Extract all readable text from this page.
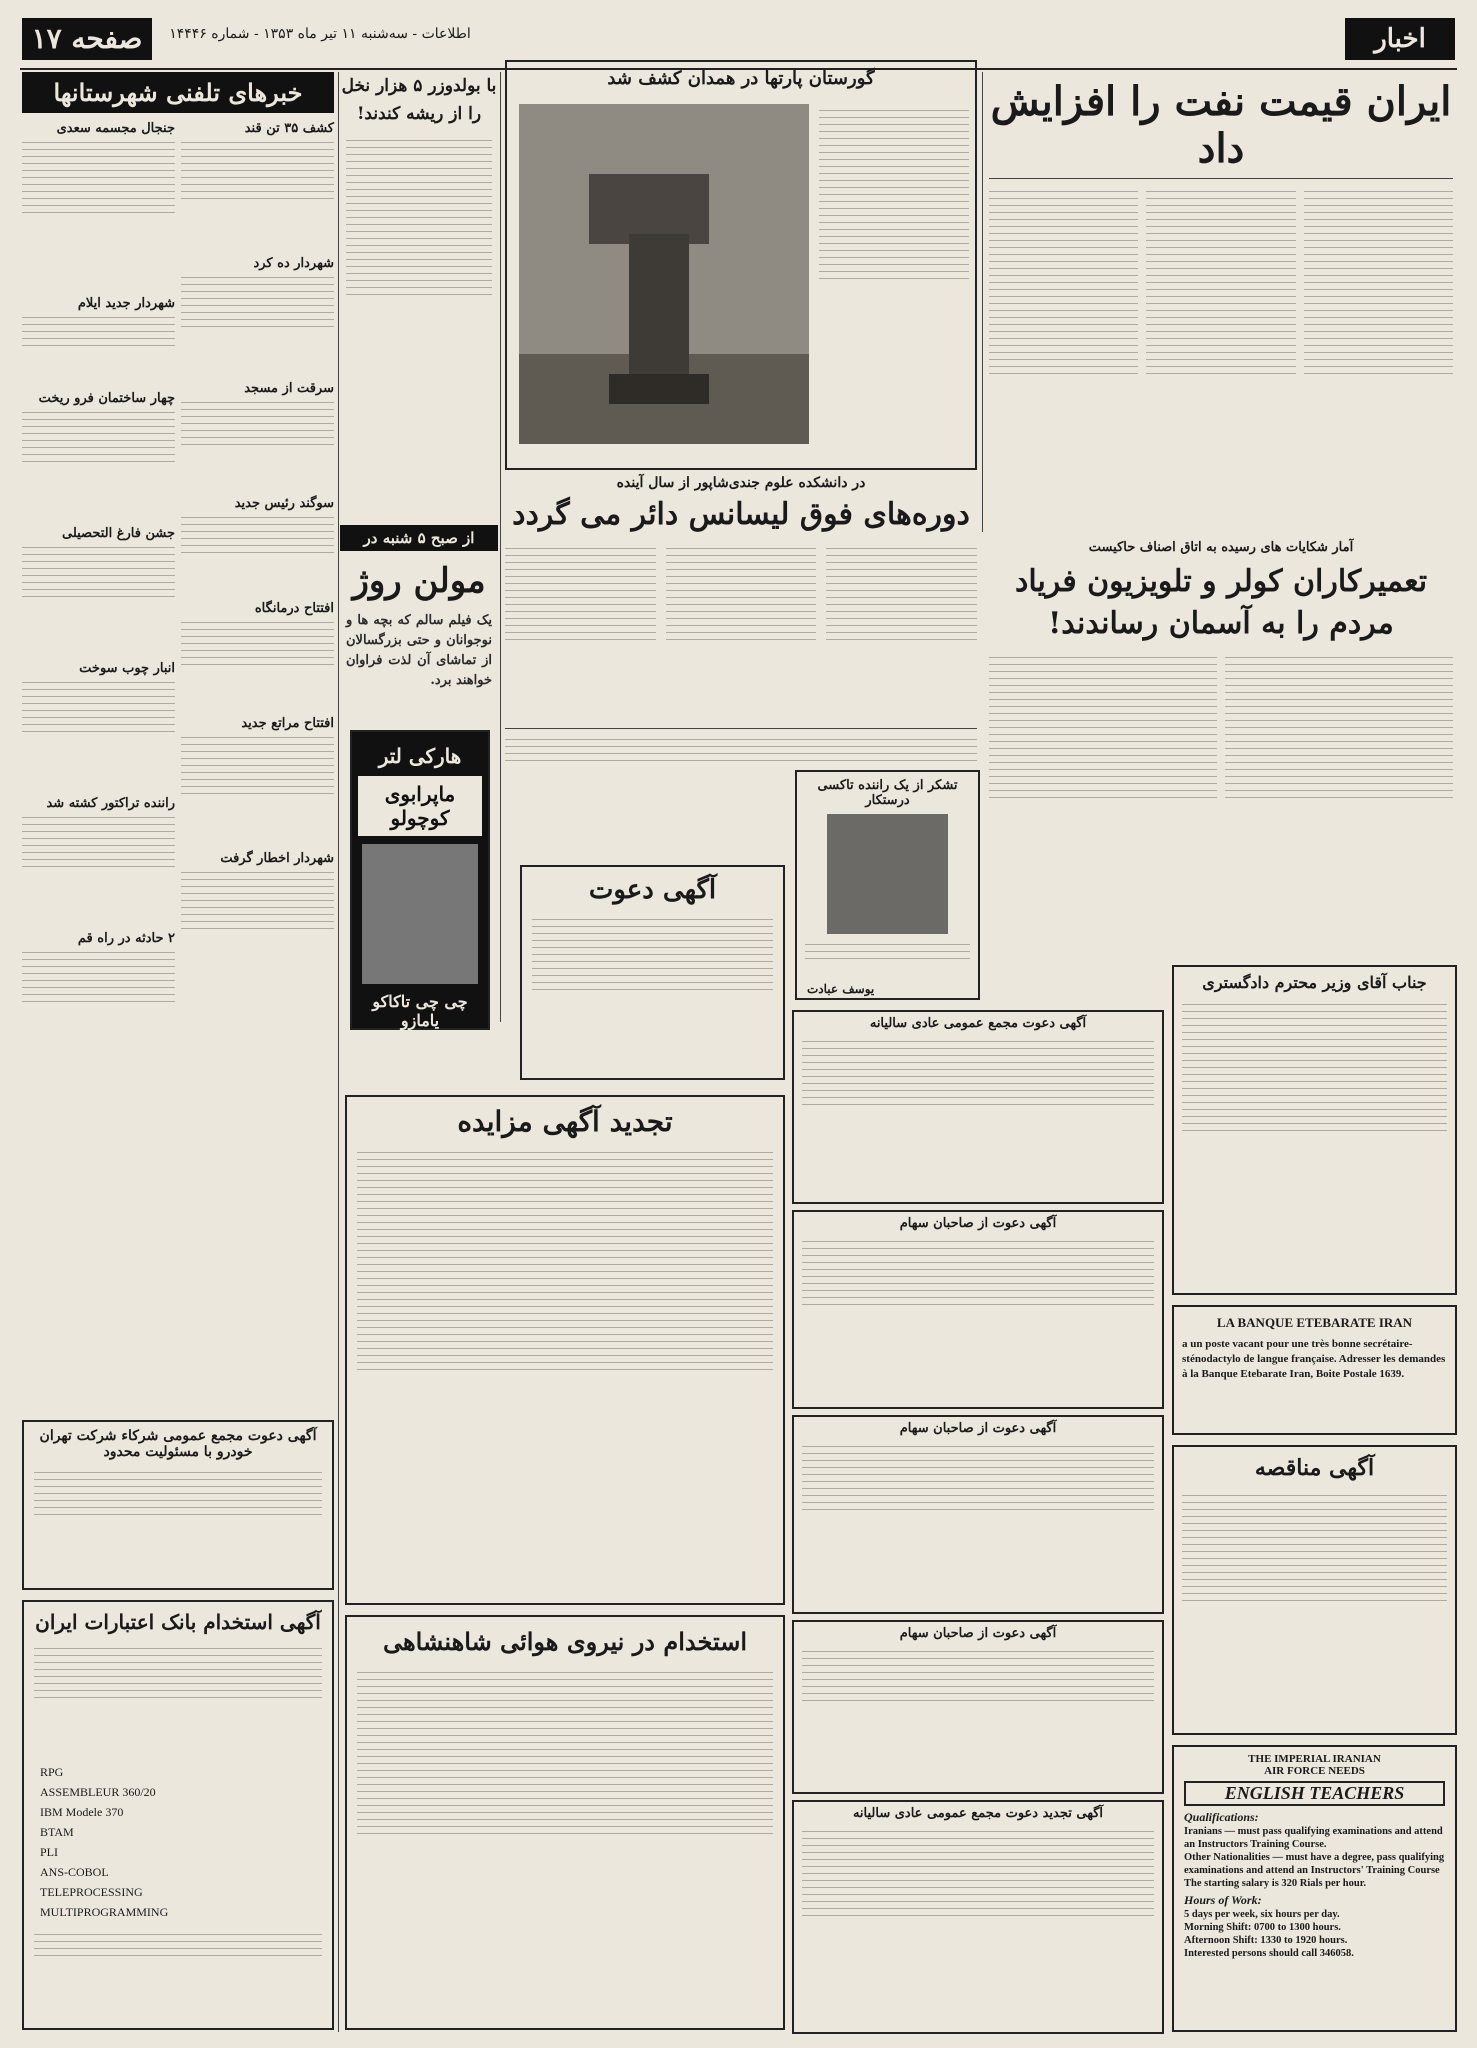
صفحه ۱۷	اطلاعات - سه‌شنبه ۱۱ تیر ماه ۱۳۵۳ - شماره ۱۴۴۴۶	اخبار
ایران قیمت نفت را افزایش داد
گورستان پارتها در همدان کشف شد
با بولدوزر ۵ هزار نخل را از ریشه کندند!
از صبح ۵ شنبه در
مولن روژ
یک فیلم سالم که بچه ها و نوجوانان و حتی بزرگسالان از تماشای آن لذت فراوان خواهند برد.
هارکی لتر
ماپرابوی کوچولو
چی چی تاکاکو یامازو
در دانشکده علوم جندی‌شاپور از سال آینده
دوره‌های فوق لیسانس دائر می گردد
آمار شکایات های رسیده به اتاق اصناف حاکیست
تعمیرکاران کولر و تلویزیون فریاد مردم را به آسمان رساندند!
تشکر از یک راننده تاکسی درستکار
یوسف عبادت
آگهی دعوت
خبرهای تلفنی شهرستانها
کشف ۳۵ تن قند
شهردار ده کرد
سرقت از مسجد
سوگند رئیس جدید
افتتاح درمانگاه
افتتاح مراتع جدید
شهردار اخطار گرفت
جنجال مجسمه سعدی
شهردار جدید ایلام
چهار ساختمان فرو ریخت
جشن فارغ التحصیلی
انبار چوب سوخت
راننده تراکتور کشته شد
۲ حادثه در راه قم
آگهی دعوت مجمع عمومی شرکاء شرکت تهران خودرو با مسئولیت محدود
آگهی استخدام بانک اعتبارات ایران
RPG
ASSEMBLEUR 360/20
IBM Modele 370
BTAM
PLI
ANS-COBOL
TELEPROCESSING
MULTIPROGRAMMING
تجدید آگهی مزایده
استخدام در نیروی هوائی شاهنشاهی
آگهی دعوت مجمع عمومی عادی سالیانه
آگهی دعوت از صاحبان سهام
آگهی دعوت از صاحبان سهام
آگهی دعوت از صاحبان سهام
آگهی تجدید دعوت مجمع عمومی عادی سالیانه
جناب آقای وزیر محترم دادگستری
LA BANQUE ETEBARATE IRAN
a un poste vacant pour une très bonne secrétaire-sténodactylo de langue française. Adresser les demandes à la Banque Etebarate Iran, Boite Postale 1639.
آگهی مناقصه
THE IMPERIAL IRANIAN
AIR FORCE NEEDS
ENGLISH TEACHERS
Qualifications:
Iranians — must pass qualifying examinations and attend an Instructors Training Course.
Other Nationalities — must have a degree, pass qualifying examinations and attend an Instructors' Training Course The starting salary is 320 Rials per hour.
Hours of Work:
5 days per week, six hours per day.
Morning Shift: 0700 to 1300 hours.
Afternoon Shift: 1330 to 1920 hours.
Interested persons should call 346058.
